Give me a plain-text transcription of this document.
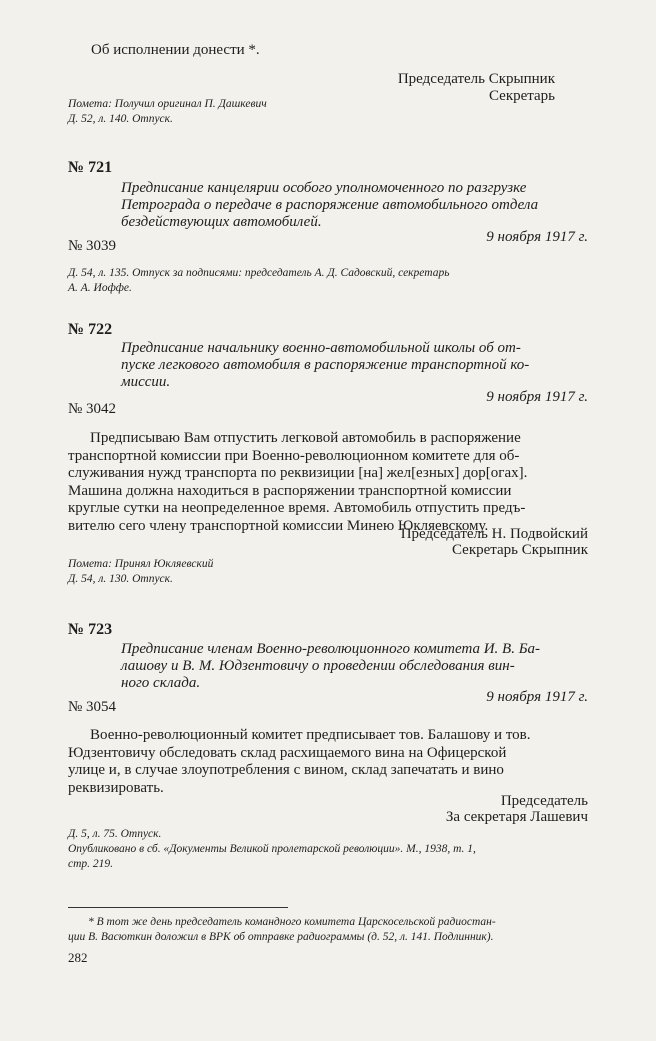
Об исполнении донести *.
Председатель Скрыпник
Секретарь
Помета: Получил оригинал П. Дашкевич
Д. 52, л. 140. Отпуск.
№ 721
Предписание канцелярии особого уполномоченного по разгрузке
Петрограда о передаче в распоряжение автомобильного отдела
бездействующих автомобилей.
9 ноября 1917 г.
№ 3039
Д. 54, л. 135. Отпуск за подписями: председатель А. Д. Садовский, секретарь
А. А. Иоффе.
№ 722
Предписание начальнику военно-автомобильной школы об от-
пуске легкового автомобиля в распоряжение транспортной ко-
миссии.
9 ноября 1917 г.
№ 3042
Предписываю Вам отпустить легковой автомобиль в распоряжение
транспортной комиссии при Военно-революционном комитете для об-
служивания нужд транспорта по реквизиции [на] жел[езных] дор[огах].
Машина должна находиться в распоряжении транспортной комиссии
круглые сутки на неопределенное время. Автомобиль отпустить предъ-
вителю сего члену транспортной комиссии Минею Юкляевскому.
Председатель Н. Подвойский
Секретарь Скрыпник
Помета: Принял Юкляевский
Д. 54, л. 130. Отпуск.
№ 723
Предписание членам Военно-революционного комитета И. В. Ба-
лашову и В. М. Юдзентовичу о проведении обследования вин-
ного склада.
9 ноября 1917 г.
№ 3054
Военно-революционный комитет предписывает тов. Балашову и тов.
Юдзентовичу обследовать склад расхищаемого вина на Офицерской
улице и, в случае злоупотребления с вином, склад запечатать и вино
реквизировать.
Председатель
За секретаря Лашевич
Д. 5, л. 75. Отпуск.
Опубликовано в сб. «Документы Великой пролетарской революции». М., 1938, т. 1,
стр. 219.
* В тот же день председатель командного комитета Царскосельской радиостан-
ции В. Васюткин доложил в ВРК об отправке радиограммы (д. 52, л. 141. Подлинник).
282
